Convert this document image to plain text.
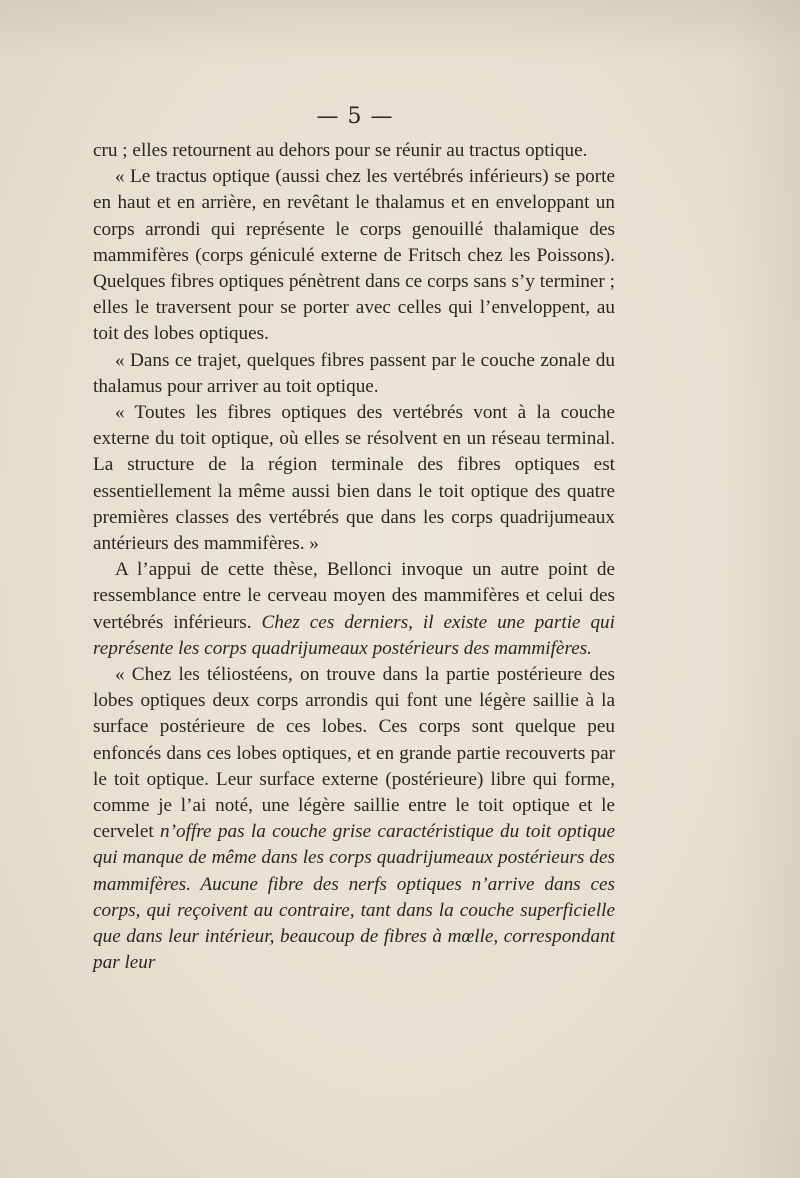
— 5 —

cru ; elles retournent au dehors pour se réunir au tractus optique.

« Le tractus optique (aussi chez les vertébrés inférieurs) se porte en haut et en arrière, en revêtant le thalamus et en enveloppant un corps arrondi qui représente le corps genouillé thalamique des mammifères (corps géniculé externe de Fritsch chez les Poissons). Quelques fibres optiques pénètrent dans ce corps sans s’y terminer ; elles le traversent pour se porter avec celles qui l’enveloppent, au toit des lobes optiques.

« Dans ce trajet, quelques fibres passent par le couche zonale du thalamus pour arriver au toit optique.

« Toutes les fibres optiques des vertébrés vont à la couche externe du toit optique, où elles se résolvent en un réseau terminal. La structure de la région terminale des fibres optiques est essentiellement la même aussi bien dans le toit optique des quatre premières classes des vertébrés que dans les corps quadrijumeaux antérieurs des mammifères. »

A l’appui de cette thèse, Bellonci invoque un autre point de ressemblance entre le cerveau moyen des mammifères et celui des vertébrés inférieurs. Chez ces derniers, il existe une partie qui représente les corps quadrijumeaux postérieurs des mammifères.

« Chez les téliostéens, on trouve dans la partie postérieure des lobes optiques deux corps arrondis qui font une légère saillie à la surface postérieure de ces lobes. Ces corps sont quelque peu enfoncés dans ces lobes optiques, et en grande partie recouverts par le toit optique. Leur surface externe (postérieure) libre qui forme, comme je l’ai noté, une légère saillie entre le toit optique et le cervelet n’offre pas la couche grise caractéristique du toit optique qui manque de même dans les corps quadrijumeaux postérieurs des mammifères. Aucune fibre des nerfs optiques n’arrive dans ces corps, qui reçoivent au contraire, tant dans la couche superficielle que dans leur intérieur, beaucoup de fibres à mœlle, correspondant par leur
